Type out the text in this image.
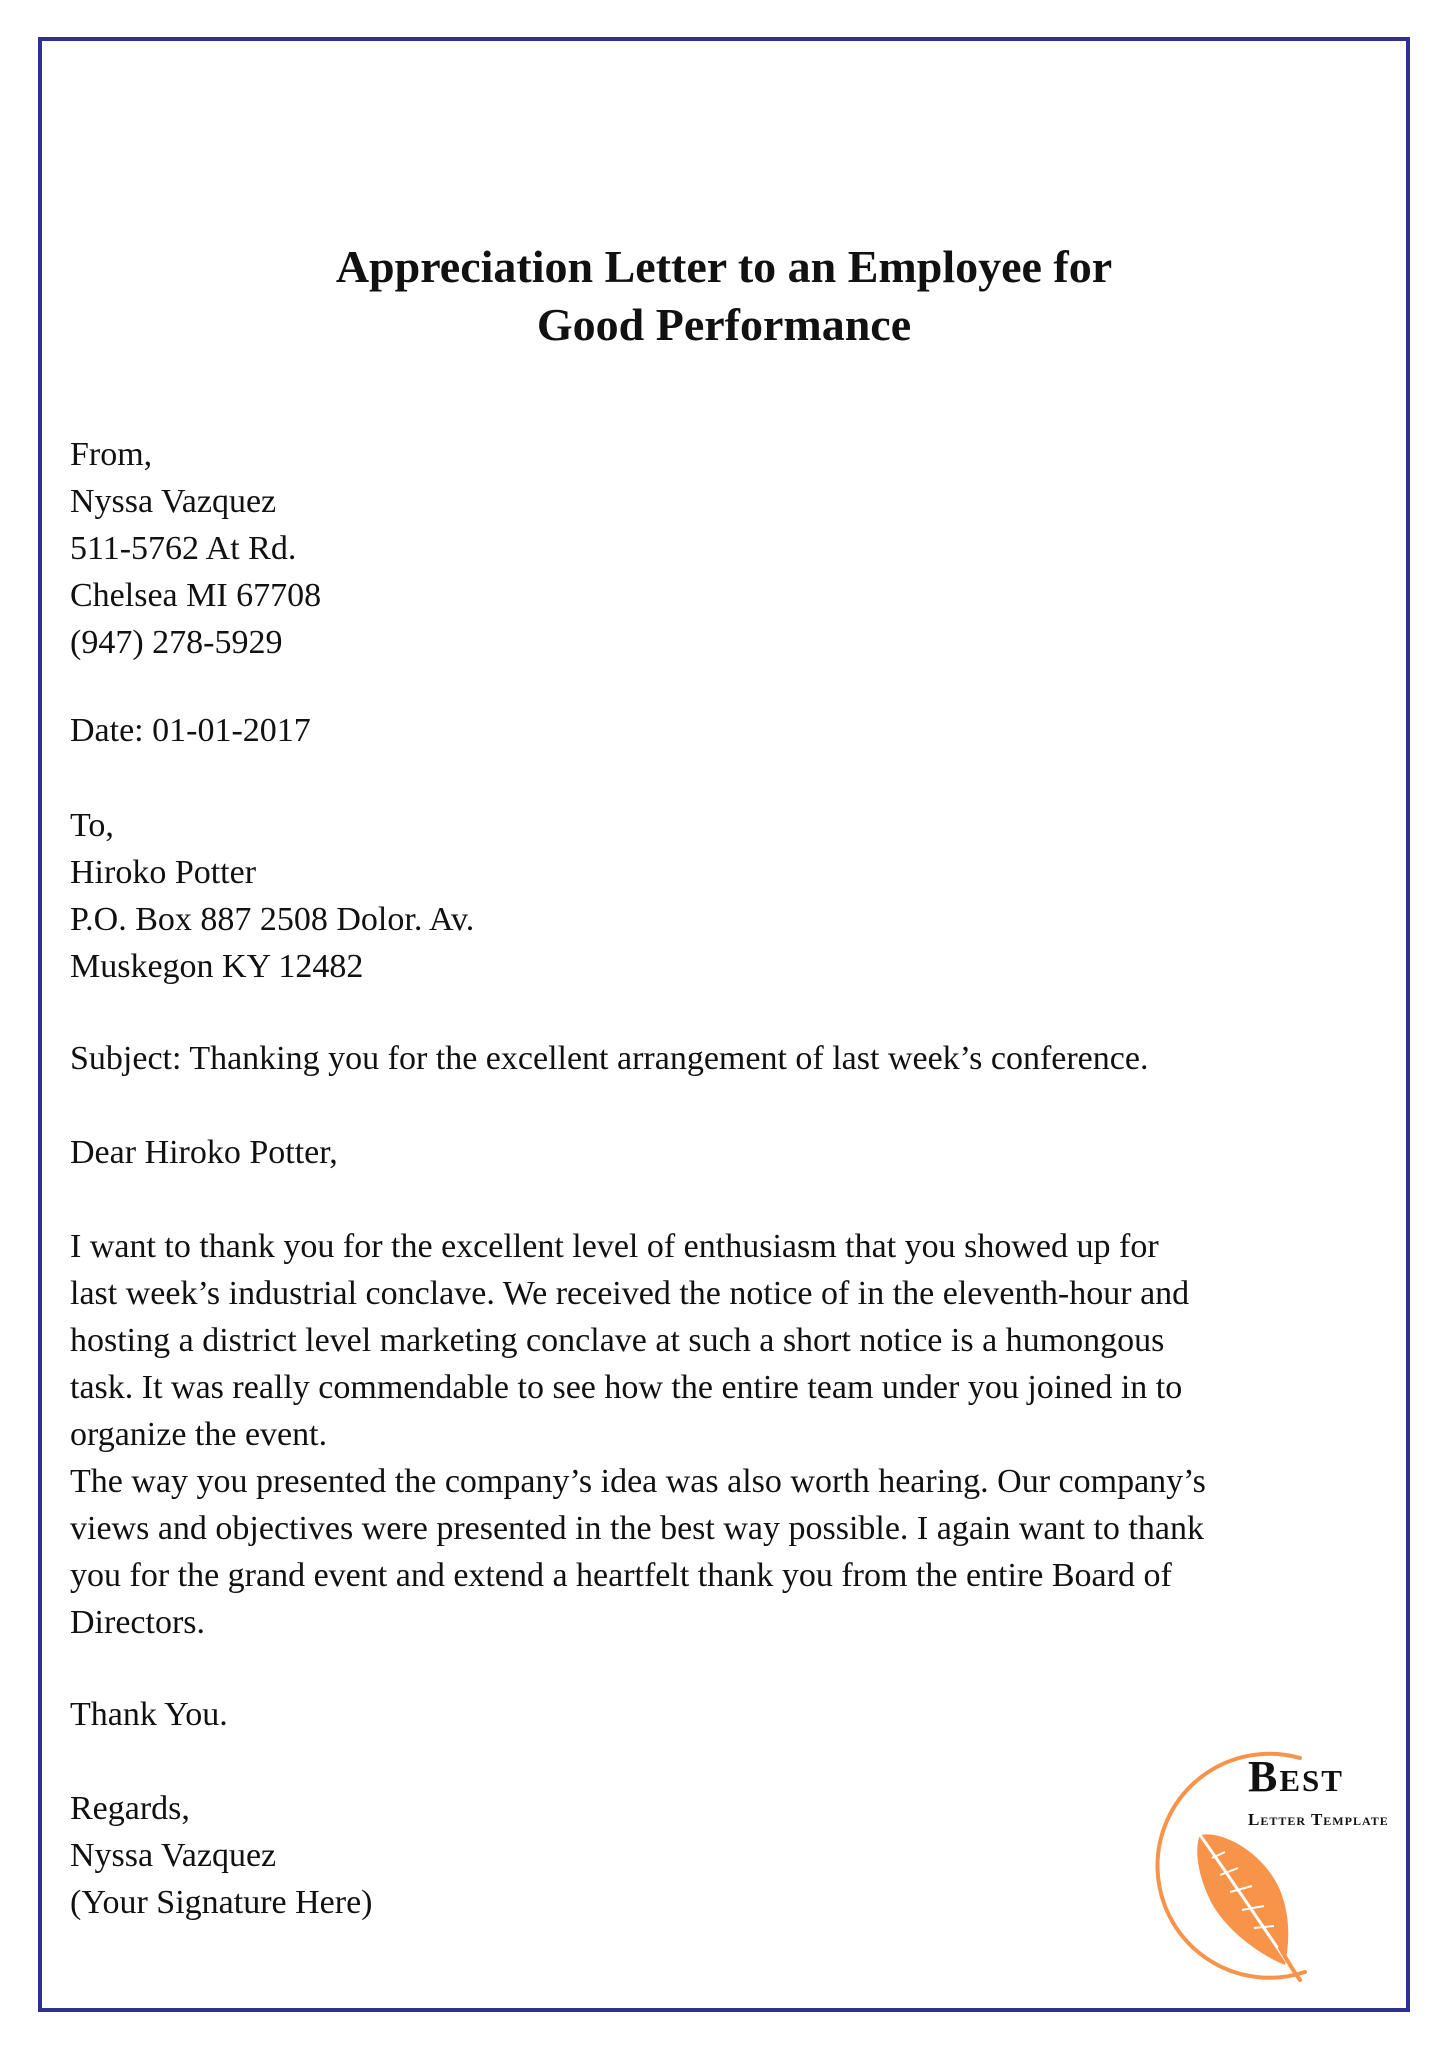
Appreciation Letter to an Employee for
Good Performance
From,
Nyssa Vazquez
511-5762 At Rd.
Chelsea MI 67708
(947) 278-5929
Date: 01-01-2017
To,
Hiroko Potter
P.O. Box 887 2508 Dolor. Av.
Muskegon KY 12482
Subject: Thanking you for the excellent arrangement of last week’s conference.
Dear Hiroko Potter,
I want to thank you for the excellent level of enthusiasm that you showed up for
last week’s industrial conclave. We received the notice of in the eleventh-hour and
hosting a district level marketing conclave at such a short notice is a humongous
task. It was really commendable to see how the entire team under you joined in to
organize the event.
The way you presented the company’s idea was also worth hearing. Our company’s
views and objectives were presented in the best way possible. I again want to thank
you for the grand event and extend a heartfelt thank you from the entire Board of
Directors.
Thank You.
Regards,
Nyssa Vazquez
(Your Signature Here)
Best
Letter Template
